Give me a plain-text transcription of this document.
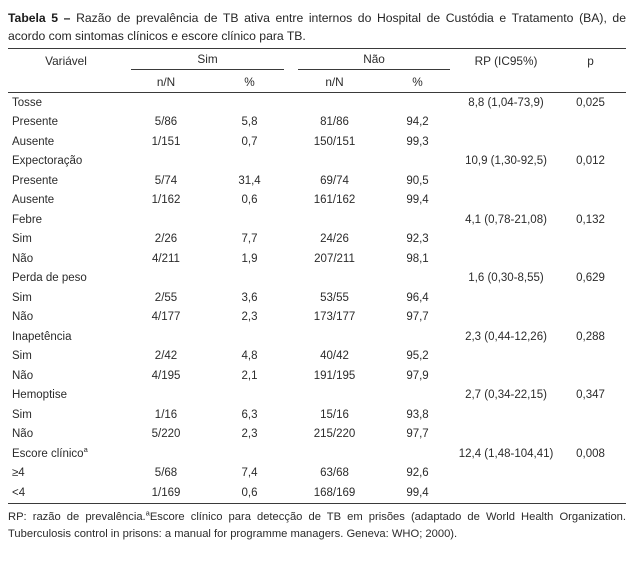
Tabela 5 – Razão de prevalência de TB ativa entre internos do Hospital de Custódia e Tratamento (BA), de acordo com sintomas clínicos e escore clínico para TB.

Variável	Sim		Não		RP (IC95%)	p
	n/N	%	n/N	%		
Tosse					8,8 (1,04-73,9)	0,025
Presente	5/86	5,8	81/86	94,2		
Ausente	1/151	0,7	150/151	99,3		
Expectoração					10,9 (1,30-92,5)	0,012
Presente	5/74	31,4	69/74	90,5		
Ausente	1/162	0,6	161/162	99,4		
Febre					4,1 (0,78-21,08)	0,132
Sim	2/26	7,7	24/26	92,3		
Não	4/211	1,9	207/211	98,1		
Perda de peso					1,6 (0,30-8,55)	0,629
Sim	2/55	3,6	53/55	96,4		
Não	4/177	2,3	173/177	97,7		
Inapetência					2,3 (0,44-12,26)	0,288
Sim	2/42	4,8	40/42	95,2		
Não	4/195	2,1	191/195	97,9		
Hemoptise					2,7 (0,34-22,15)	0,347
Sim	1/16	6,3	15/16	93,8		
Não	5/220	2,3	215/220	97,7		
Escore clínico$^a$					12,4 (1,48-104,41)	0,008
≥4	5/68	7,4	63/68	92,6		
<4	1/169	0,6	168/169	99,4		

RP: razão de prevalência.$^a$Escore clínico para detecção de TB em prisões (adaptado de World Health Organization. Tuberculosis control in prisons: a manual for programme managers. Geneva: WHO; 2000).
